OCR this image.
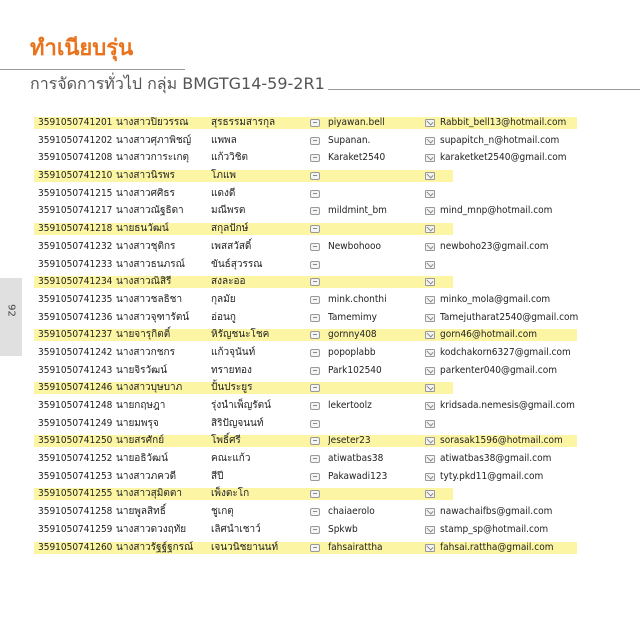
ทำเนียบรุ่น
การจัดการทั่วไป กลุ่ม BMGTG14-59-2R1
92
3591050741201 นางสาวปิยวรรณ	สุรธรรมสารกุล	piyawan.bell	Rabbit_bell13@hotmail.com
3591050741202 นางสาวศุภาพิชญ์	แพพล	Supanan.	supapitch_n@hotmail.com
3591050741208 นางสาวการะเกตุ	แก้ววิชิต	Karaket2540	karaketket2540@gmail.com
3591050741210 นางสาวนิรพร	โภแพ
3591050741215 นางสาวศศิธร	แดงดี
3591050741217 นางสาวณัฐธิดา	มณีพรต	mildmint_bm	mind_mnp@hotmail.com
3591050741218 นายธนวัฒน์	สกุลปักษ์
3591050741232 นางสาวชุติกร	เพสสวัสดิ์	Newbohooo	newboho23@gmail.com
3591050741233 นางสาวธนภรณ์	ขันธ์สุวรรณ
3591050741234 นางสาวณิสิรี	สงละออ
3591050741235 นางสาวชลธิชา	กุลมัย	mink.chonthi	minko_mola@gmail.com
3591050741236 นางสาวจุฑารัตน์	อ่อนกู	Tamemimy	Tamejutharat2540@gmail.com
3591050741237 นายจารุกิตติ์	หิรัญชนะโชค	gornny408	gorn46@hotmail.com
3591050741242 นางสาวกชกร	แก้วจุนันท์	popoplabb	kodchakorn6327@gmail.com
3591050741243 นายจิรวัฒน์	ทรายทอง	Park102540	parkenter040@gmail.com
3591050741246 นางสาวบุษบาภ	ปั้นประยูร
3591050741248 นายกฤษฎา	รุ่งนำเพ็ญรัตน์	lekertoolz	kridsada.nemesis@gmail.com
3591050741249 นายมพรุจ	สิริปัญจนนท์
3591050741250 นายสรศักย์	โพธิ์ศรี	Jeseter23	sorasak1596@hotmail.com
3591050741252 นายอธิวัฒน์	คณะแก้ว	atiwatbas38	atiwatbas38@gmail.com
3591050741253 นางสาวภควดี	สีปี	Pakawadi123	tyty.pkd11@gmail.com
3591050741255 นางสาวสุมิตตา	เพ็งตะโก
3591050741258 นายพูลสิทธิ์	ชูเกตุ	chaiaerolo	nawachaifbs@gmail.com
3591050741259 นางสาวดวงฤทัย	เลิศนำเชาว์	Spkwb	stamp_sp@hotmail.com
3591050741260 นางสาวรัฐฐ์ฐกรณ์	เจนวนิชยานนท์	fahsairattha	fahsai.rattha@gmail.com
